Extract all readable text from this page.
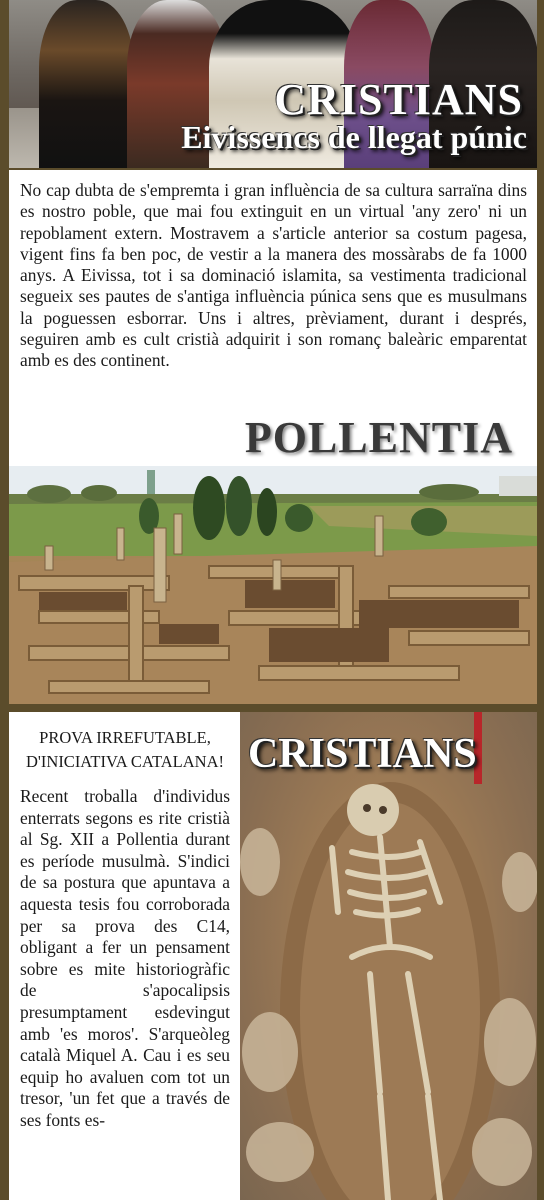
CRISTIANS
Eivissencs de llegat púnic
No cap dubta de s'empremta i gran influència de sa cultura sarraïna dins es nostro poble, que mai fou extinguit en un virtual 'any zero' ni un repoblament extern. Mostravem a s'article anterior sa costum pagesa, vigent fins fa ben poc, de vestir a la manera des mossàrabs de fa 1000 anys. A Eivissa, tot i sa dominació islamita, sa vestimenta tradicional segueix ses pautes de s'antiga influència púnica sens que es musulmans la poguessen esborrar. Uns i altres, prèviament, durant i després, seguiren amb es cult cristià adquirit i son romanç baleàric emparentat amb es des continent.
POLLENTIA
PROVA IRREFUTABLE,
D'INICIATIVA CATALANA!
Recent troballa d'individus enterrats segons es rite cristià al Sg. XII a Pollentia durant es període musulmà. S'indici de sa postura que apuntava a aquesta tesis fou corroborada per sa prova des C14, obligant a fer un pensament sobre es mite historiogràfic de s'apocalipsis presumptament esdevingut amb 'es moros'. S'arqueòleg català Miquel A. Cau i es seu equip ho avaluen com tot un tresor, 'un fet que a través de ses fonts es-
CRISTIANS
